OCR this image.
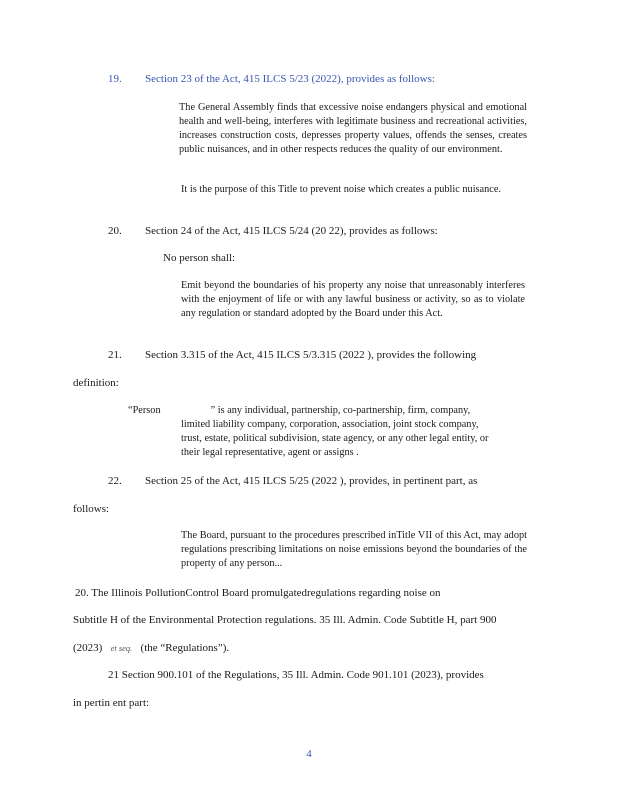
19. Section 23 of the Act, 415 ILCS 5/23 (2022), provides as follows:

The General Assembly finds that excessive noise endangers physical and emotional health and well-being, interferes with legitimate business and recreational activities, increases construction costs, depresses property values, offends the senses, creates public nuisances, and in other respects reduces the quality of our environment.

It is the purpose of this Title to prevent noise which creates a public nuisance.

20. Section 24 of the Act, 415 ILCS 5/24 (20 22), provides as follows:
No person shall:

Emit beyond the boundaries of his property any noise that unreasonably interferes with the enjoyment of life or with any lawful business or activity, so as to violate any regulation or standard adopted by the Board under this Act.

21. Section 3.315 of the Act, 415 ILCS 5/3.315 (2022 ), provides the following
definition:
“Person	” is any individual, partnership, co-partnership, firm, company,
limited liability company, corporation, association, joint stock company,
trust, estate, political subdivision, state agency, or any other legal entity, or
their legal representative, agent or assigns .
22. Section 25 of the Act, 415 ILCS 5/25 (2022 ), provides, in pertinent part, as
follows:

The Board, pursuant to the procedures prescribed inTitle VII of this Act, may adopt regulations prescribing limitations on noise emissions beyond the boundaries of the property of any person...

20. The Illinois PollutionControl Board promulgatedregulations regarding noise on
Subtitle H of the Environmental Protection regulations. 35 Ill. Admin. Code Subtitle H, part 900
(2023) et seq. (the “Regulations”).
21 Section 900.101 of the Regulations, 35 Ill. Admin. Code 901.101 (2023), provides
in pertin ent part:
4
